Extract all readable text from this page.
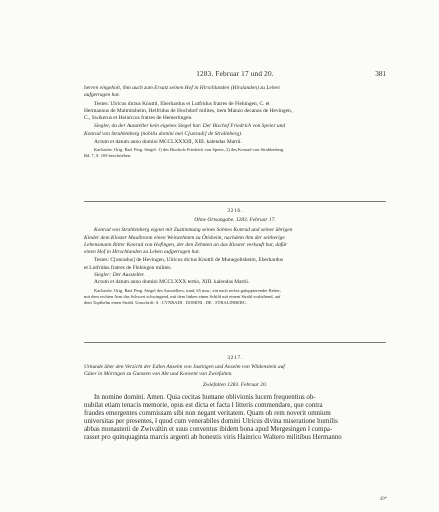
1283. Februar 17 und 20.	381

herren eingeholt, ihm auch zum Ersatz seinen Hof in Hirschlanden (Hirslanden) zu Lehen

aufgetragen hat.

Testes: Ulricus dictus Knuttil, Eberhardus et Lutfridus fratres de Flehingen, C. et

Hermannus de Malmitsheim, Helfridus de Hochdorf milites, item Manzo decanus de Hevingen,

C., Swikerus et Heinricus fratres de Hemertingen.

Siegler, da der Aussteller kein eigenes Siegel hat: Der Bischof Friedrich von Speier und

Konrad von Strahlenberg (nobilis domini mei C[unradi] de Stralinberg).

Actum et datum anno domini MCCLXXXIII, XIII. kalendas Martii.

Karlsruhe. Orig. Bad. Perg. Siegel: 1) des Bischofs Friedrich von Speier, 2) des Konrad von Strahlenberg

Bd. 7, S. 169 beschrieben.

3216.

Ohne Ortsangabe. 1283. Februar 17.

Konrad von Strahlenberg eignet mit Zustimmung seines Sohnes Konrad und seiner übrigen

Kinder dem Kloster Maulbronn einen Weinzehnten zu Ötisheim, nachdem ihm der seitherige

Lehensmann Ritter Konrad von Hofingen, der den Zehnten an das Kloster verkauft hat, dafür

einen Hof in Hirschlanden zu Lehen aufgetragen hat.

Testes: C[unradus] de Hevingen, Ulricus dictus Knuttil de Munegoltsheim, Eberhardus

et Lutfridus fratres de Flehingen milites.

Siegler: Der Aussteller.

Actum et datum anno domini MCCLXXX tertio, XIII. kalendas Martii.

Karlsruhe. Orig. Bad. Perg. Siegel des Ausstellers, rund, 65 mm.; ein nach rechts galoppierender Reiter,

mit dem rechten Arm das Schwert schwingend, mit dem linken einen Schild mit einem Strahl vorhaltend, auf

dem Topfhelm einen Strahl. Umschrift: S . CVNRADI . DOMINI . DE . STRALINBERC.

3217.

Urkunde über den Verzicht der Edlen Anselm von Justingen und Anselm von Wildenstein auf

Güter in Möringen zu Gunsten von Abt und Konvent von Zwiefalten.

Zwiefalten 1283. Februar 20.

In nomine domini. Amen. Quia cecitas humane oblivionis lucem frequentius ob-

nubilat etiam tenacis memorie, opus est dicta et facta ł litteris commendare, que contra

fraudes emergentes commissam sibi non negant veritatem. Quam ob rem noverit omnium

universitas per presentes, ł quod cum venerabiles domini Ulricus divina miseratione humilis

abbas monasterii de Zwivaltin et suus conventus ibidem bona apud Mergesingen ł compa-

rasset pro quinquaginta marcis argenti ab honestis viris Hainrico Waltero militibus Hermanno

49*
